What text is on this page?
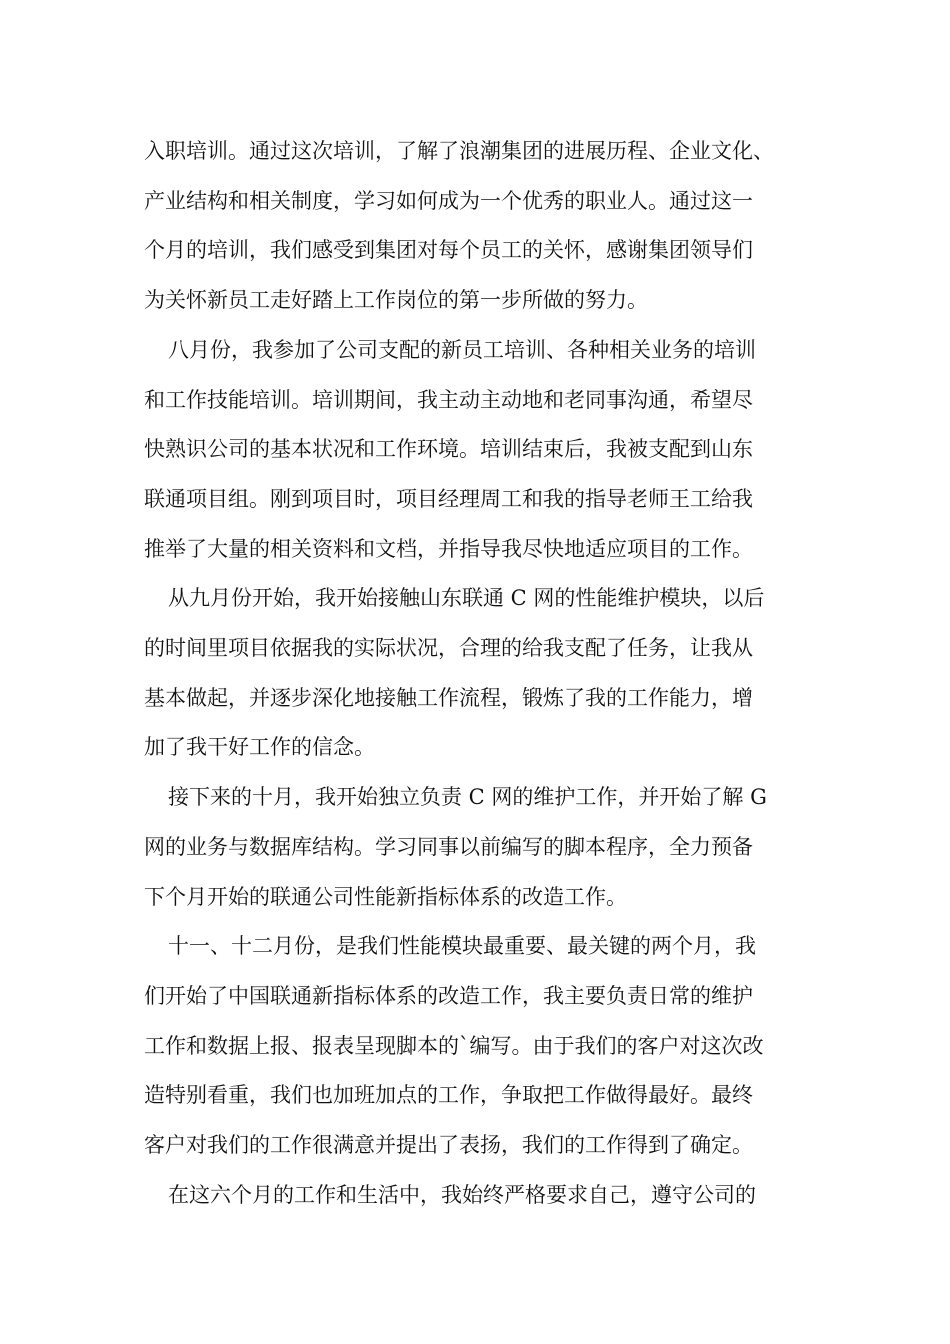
入职培训。通过这次培训，了解了浪潮集团的进展历程、企业文化、
产业结构和相关制度，学习如何成为一个优秀的职业人。通过这一
个月的培训，我们感受到集团对每个员工的关怀，感谢集团领导们
为关怀新员工走好踏上工作岗位的第一步所做的努力。

八月份，我参加了公司支配的新员工培训、各种相关业务的培训
和工作技能培训。培训期间，我主动主动地和老同事沟通，希望尽
快熟识公司的基本状况和工作环境。培训结束后，我被支配到山东
联通项目组。刚到项目时，项目经理周工和我的指导老师王工给我
推举了大量的相关资料和文档，并指导我尽快地适应项目的工作。

从九月份开始，我开始接触山东联通 C 网的性能维护模块，以后
的时间里项目依据我的实际状况，合理的给我支配了任务，让我从
基本做起，并逐步深化地接触工作流程，锻炼了我的工作能力，增
加了我干好工作的信念。

接下来的十月，我开始独立负责 C 网的维护工作，并开始了解 G
网的业务与数据库结构。学习同事以前编写的脚本程序，全力预备
下个月开始的联通公司性能新指标体系的改造工作。

十一、十二月份，是我们性能模块最重要、最关键的两个月，我
们开始了中国联通新指标体系的改造工作，我主要负责日常的维护
工作和数据上报、报表呈现脚本的`编写。由于我们的客户对这次改
造特别看重，我们也加班加点的工作，争取把工作做得最好。最终
客户对我们的工作很满意并提出了表扬，我们的工作得到了确定。

在这六个月的工作和生活中，我始终严格要求自己，遵守公司的
